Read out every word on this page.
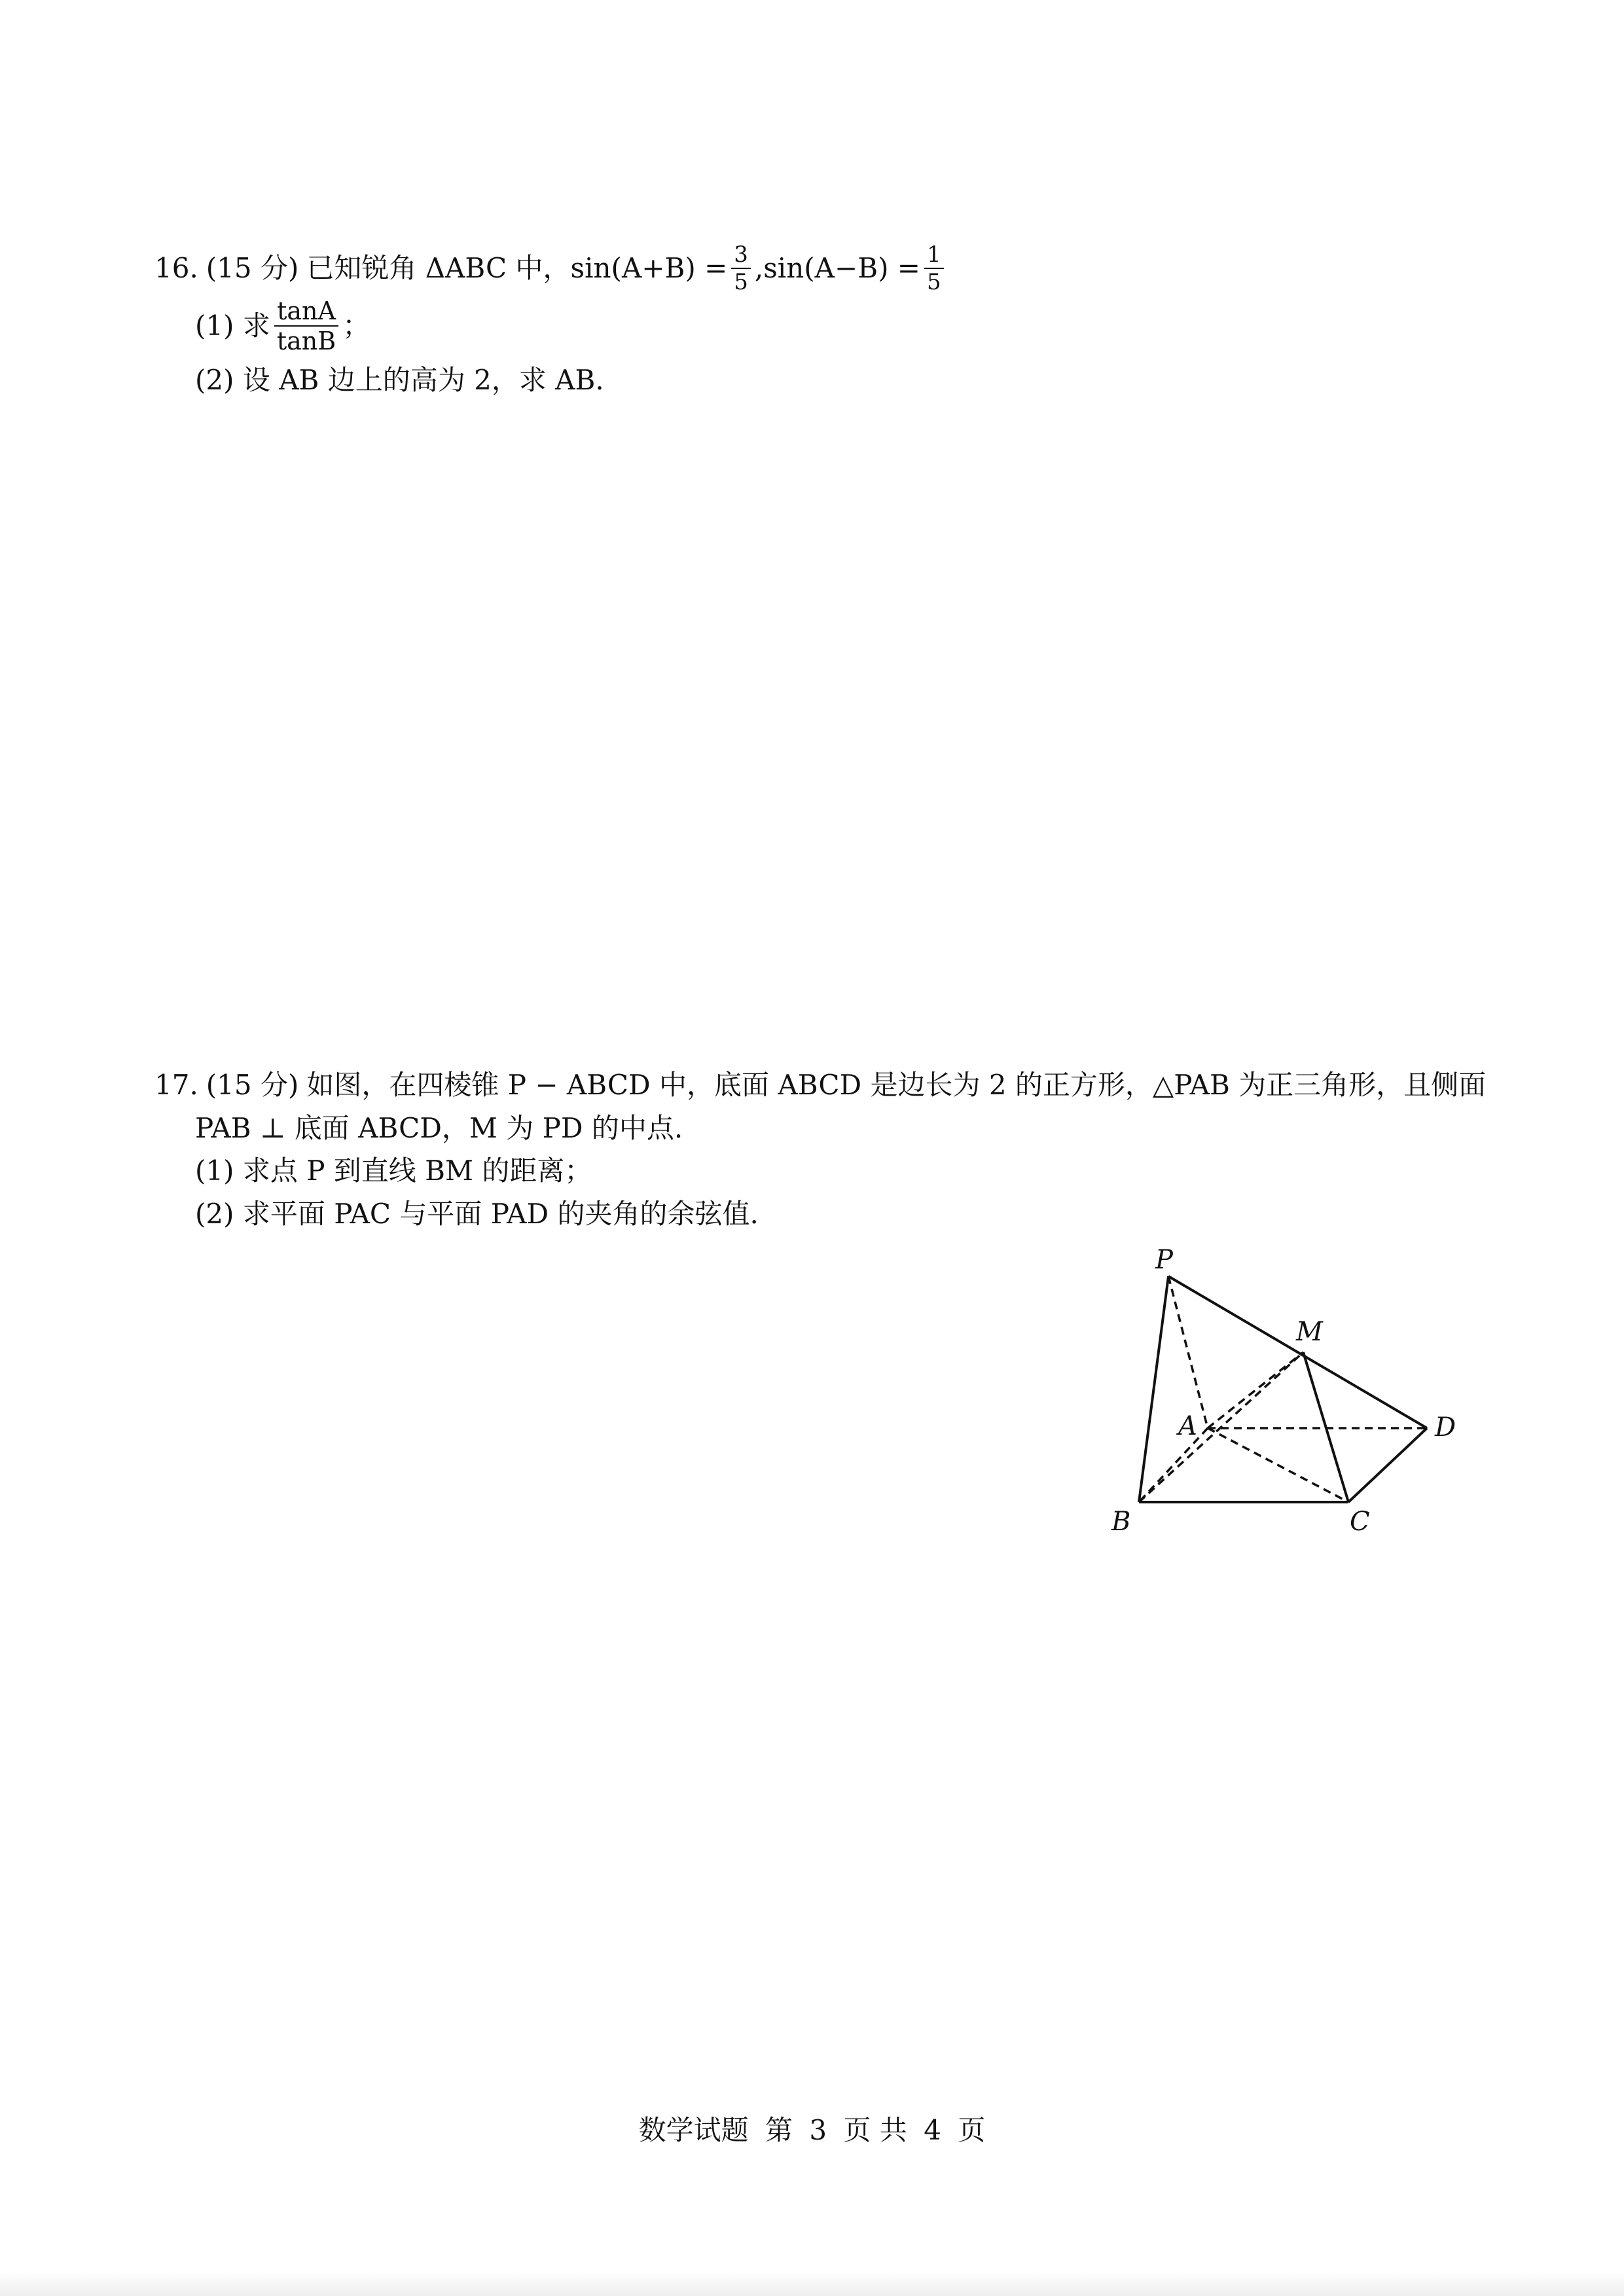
16. (15 分) 已知锐角 ΔABC 中，$\sin(A+B) = \frac{3}{5} ,\sin(A-B) = \frac{1}{5}$
(1) 求 $\frac{\tan A}{\tan B}$ ；
(2) 设 AB 边上的高为 2，求 AB.
17. (15 分) 如图，在四棱锥 P − ABCD 中，底面 ABCD 是边长为 2 的正方形，△PAB 为正三角形，且侧面
PAB ⊥ 底面 ABCD，M 为 PD 的中点.
(1) 求点 P 到直线 BM 的距离；
(2) 求平面 PAC 与平面 PAD 的夹角的余弦值.
P
M
A	D
B	C
数学试题 第 3 页 共 4 页
